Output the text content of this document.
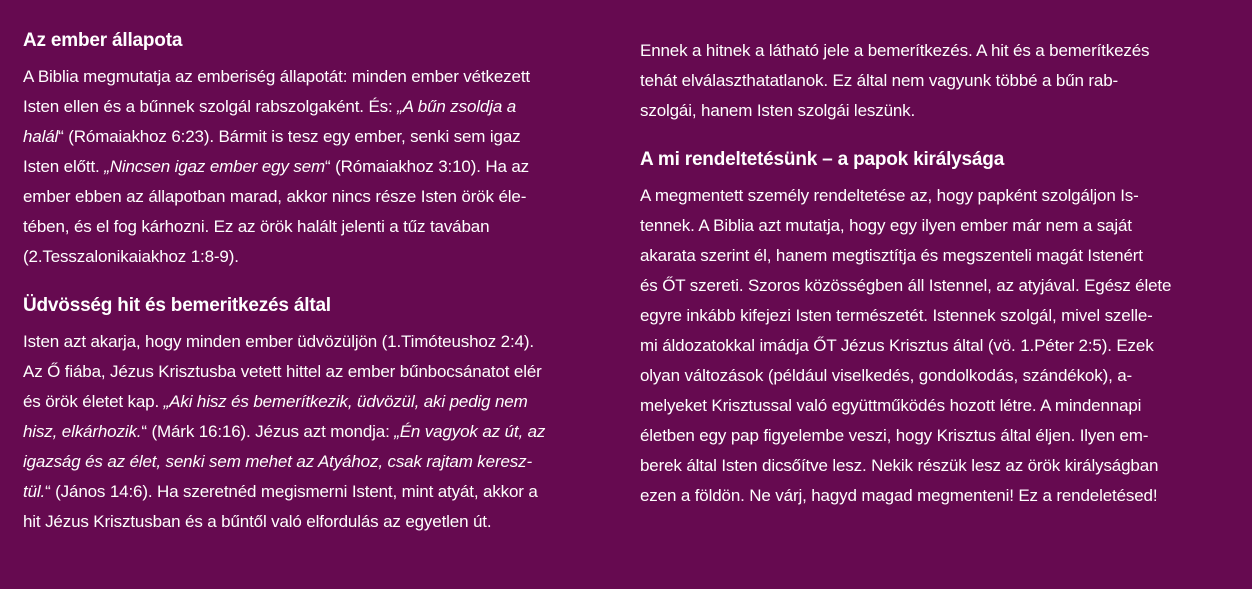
Az ember állapota

A Biblia megmutatja az emberiség állapotát: minden ember vétkezett
Isten ellen és a bűnnek szolgál rabszolgaként. És: „A bűn zsoldja a
halál“ (Rómaiakhoz 6:23). Bármit is tesz egy ember, senki sem igaz
Isten előtt. „Nincsen igaz ember egy sem“ (Rómaiakhoz 3:10). Ha az
ember ebben az állapotban marad, akkor nincs része Isten örök éle-
tében, és el fog kárhozni. Ez az örök halált jelenti a tűz tavában
(2.Tesszalonikaiakhoz 1:8-9).

Üdvösség hit és bemeritkezés által

Isten azt akarja, hogy minden ember üdvözüljön (1.Timóteushoz 2:4).
Az Ő fiába, Jézus Krisztusba vetett hittel az ember bűnbocsánatot elér
és örök életet kap. „Aki hisz és bemerítkezik, üdvözül, aki pedig nem
hisz, elkárhozik.“ (Márk 16:16). Jézus azt mondja: „Én vagyok az út, az
igazság és az élet, senki sem mehet az Atyához, csak rajtam keresz-
tül.“ (János 14:6). Ha szeretnéd megismerni Istent, mint atyát, akkor a
hit Jézus Krisztusban és a bűntől való elfordulás az egyetlen út.

Ennek a hitnek a látható jele a bemerítkezés. A hit és a bemerítkezés
tehát elválaszthatatlanok. Ez által nem vagyunk többé a bűn rab-
szolgái, hanem Isten szolgái leszünk.

A mi rendeltetésünk – a papok királysága

A megmentett személy rendeltetése az, hogy papként szolgáljon Is-
tennek. A Biblia azt mutatja, hogy egy ilyen ember már nem a saját
akarata szerint él, hanem megtisztítja és megszenteli magát Istenért
és ŐT szereti. Szoros közösségben áll Istennel, az atyjával. Egész élete
egyre inkább kifejezi Isten természetét. Istennek szolgál, mivel szelle-
mi áldozatokkal imádja ŐT Jézus Krisztus által (vö. 1.Péter 2:5). Ezek
olyan változások (például viselkedés, gondolkodás, szándékok), a-
melyeket Krisztussal való együttműködés hozott létre. A mindennapi
életben egy pap figyelembe veszi, hogy Krisztus által éljen. Ilyen em-
berek által Isten dicsőítve lesz. Nekik részük lesz az örök királyságban
ezen a földön. Ne várj, hagyd magad megmenteni! Ez a rendeletésed!
